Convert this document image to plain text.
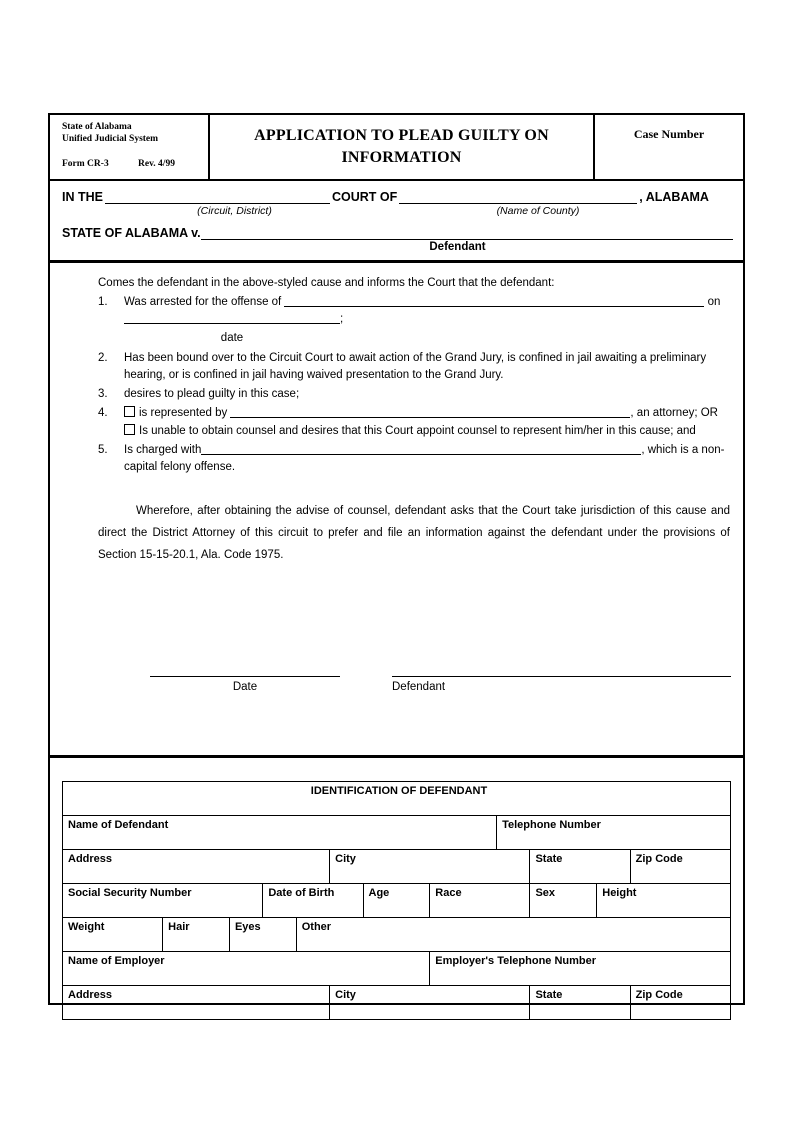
State of Alabama
Unified Judicial System
Form CR-3	Rev. 4/99
APPLICATION TO PLEAD GUILTY ON INFORMATION
Case Number
IN THE	COURT OF	, ALABAMA
(Circuit, District)	(Name of County)
STATE OF ALABAMA v.
Defendant
Comes the defendant in the above-styled cause and informs the Court that the defendant:
1.	Was arrested for the offense of	on ;
date
2.	Has been bound over to the Circuit Court to await action of the Grand Jury, is confined in jail awaiting a preliminary hearing, or is confined in jail having waived presentation to the Grand Jury.
3.	desires to plead guilty in this case;
4.	is represented by	, an attorney; OR
Is unable to obtain counsel and desires that this Court appoint counsel to represent him/her in this cause; and
5.	Is charged with	, which is a non-capital felony offense.
Wherefore, after obtaining the advise of counsel, defendant asks that the Court take jurisdiction of this cause and direct the District Attorney of this circuit to prefer and file an information against the defendant under the provisions of Section 15-15-20.1, Ala. Code 1975.
Date	Defendant
IDENTIFICATION OF DEFENDANT											
Name of Defendant								Telephone Number			
Address					City				State		Zip Code
Social Security Number			Date of Birth			Age	Race		Sex	Height	
Weight	Hair	Eyes		Other							
Name of Employer							Employer's Telephone Number				
Address					City				State		Zip Code
